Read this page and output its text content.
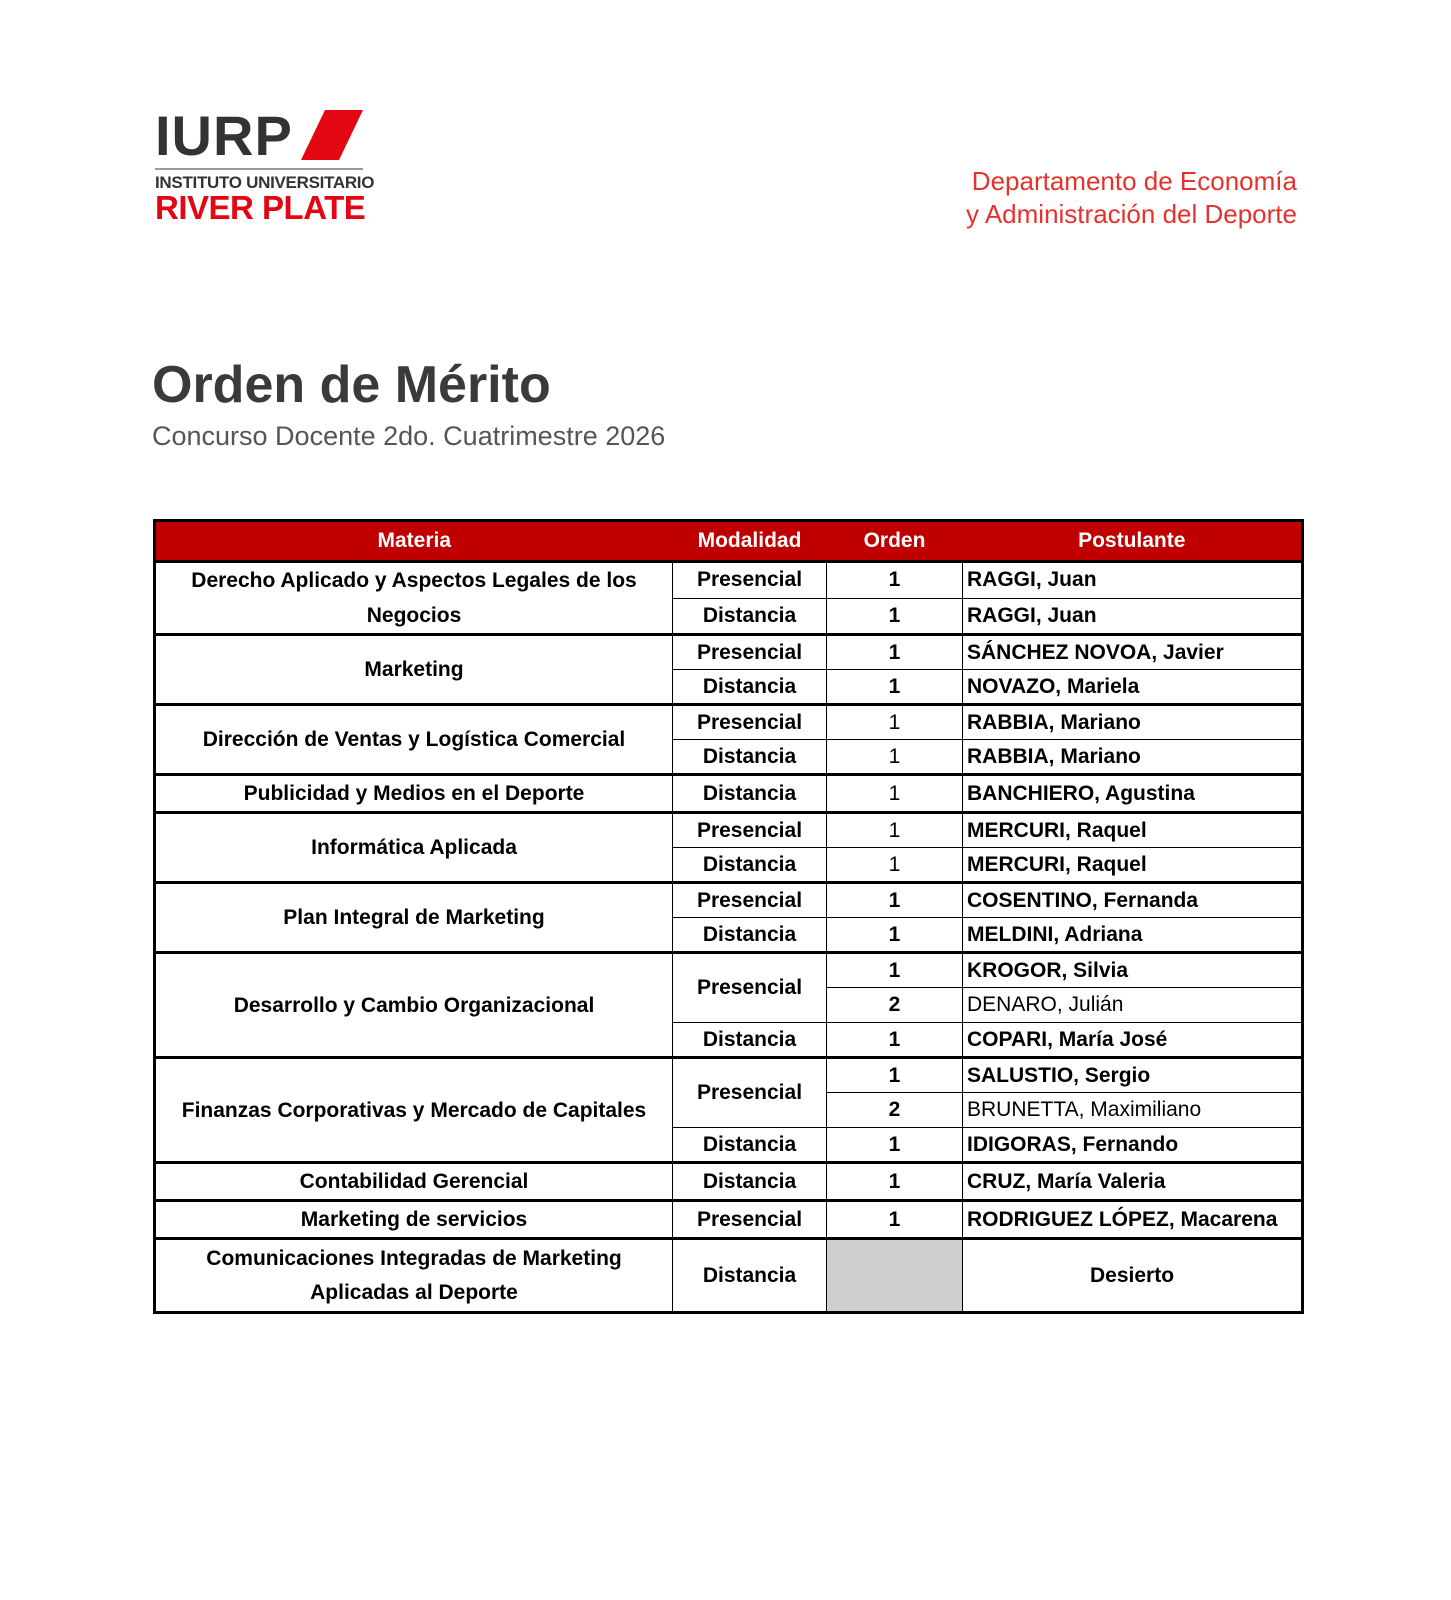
IURP
INSTITUTO UNIVERSITARIO
RIVER PLATE
Departamento de Economía
y Administración del Deporte
Orden de Mérito
Concurso Docente 2do. Cuatrimestre 2026
Materia	Modalidad	Orden	Postulante
Derecho Aplicado y Aspectos Legales de los Negocios	Presencial	1	RAGGI, Juan
	Distancia	1	RAGGI, Juan
Marketing	Presencial	1	SÁNCHEZ NOVOA, Javier
	Distancia	1	NOVAZO, Mariela
Dirección de Ventas y Logística Comercial	Presencial	1	RABBIA, Mariano
	Distancia	1	RABBIA, Mariano
Publicidad y Medios en el Deporte	Distancia	1	BANCHIERO, Agustina
Informática Aplicada	Presencial	1	MERCURI, Raquel
	Distancia	1	MERCURI, Raquel
Plan Integral de Marketing	Presencial	1	COSENTINO, Fernanda
	Distancia	1	MELDINI, Adriana
Desarrollo y Cambio Organizacional	Presencial	1	KROGOR, Silvia
		2	DENARO, Julián
	Distancia	1	COPARI, María José
Finanzas Corporativas y Mercado de Capitales	Presencial	1	SALUSTIO, Sergio
		2	BRUNETTA, Maximiliano
	Distancia	1	IDIGORAS, Fernando
Contabilidad Gerencial	Distancia	1	CRUZ, María Valeria
Marketing de servicios	Presencial	1	RODRIGUEZ LÓPEZ, Macarena
Comunicaciones Integradas de Marketing Aplicadas al Deporte	Distancia		Desierto
